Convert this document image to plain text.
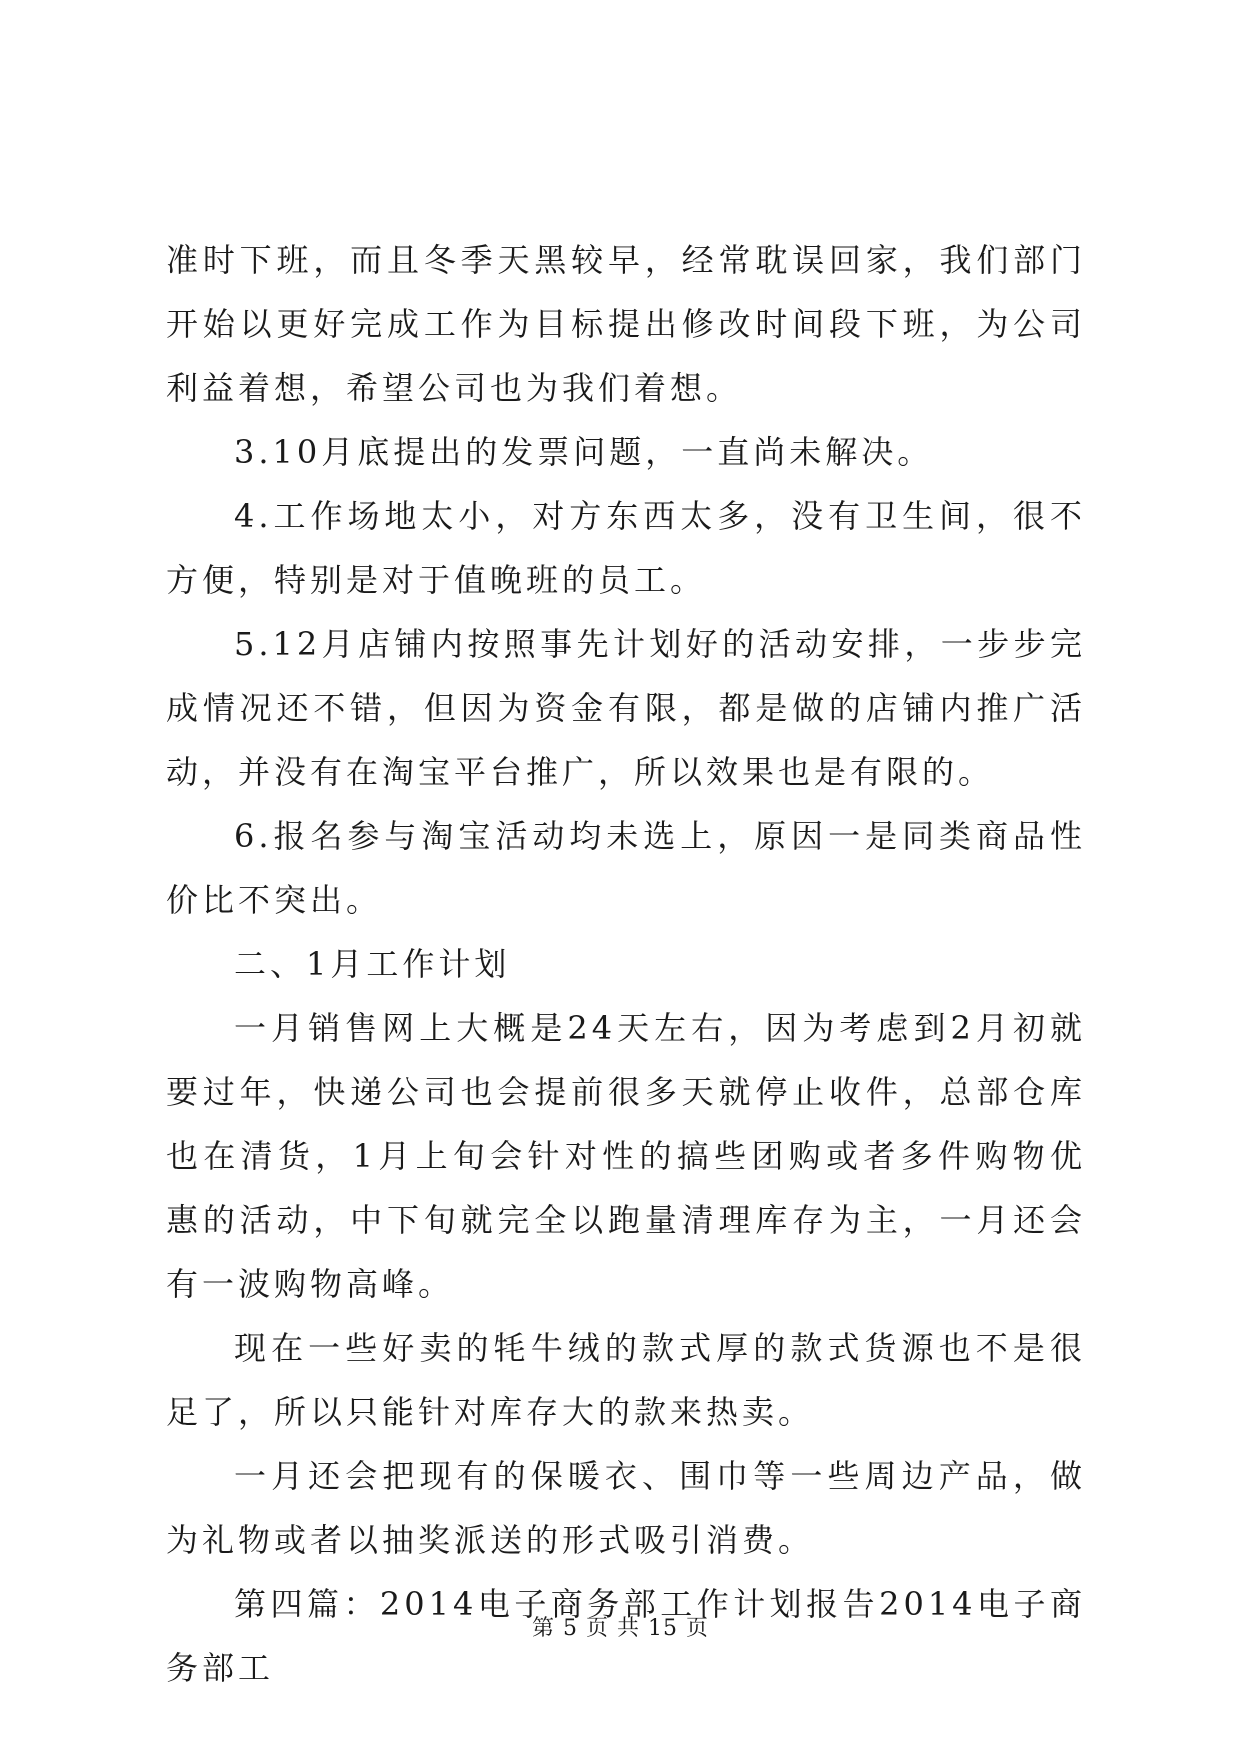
准时下班，而且冬季天黑较早，经常耽误回家，我们部门开始以更好完成工作为目标提出修改时间段下班，为公司利益着想，希望公司也为我们着想。

3.10月底提出的发票问题，一直尚未解决。

4.工作场地太小，对方东西太多，没有卫生间，很不方便，特别是对于值晚班的员工。

5.12月店铺内按照事先计划好的活动安排，一步步完成情况还不错，但因为资金有限，都是做的店铺内推广活动，并没有在淘宝平台推广，所以效果也是有限的。

6.报名参与淘宝活动均未选上，原因一是同类商品性价比不突出。

二、1月工作计划

一月销售网上大概是24天左右，因为考虑到2月初就要过年，快递公司也会提前很多天就停止收件，总部仓库也在清货，1月上旬会针对性的搞些团购或者多件购物优惠的活动，中下旬就完全以跑量清理库存为主，一月还会有一波购物高峰。

现在一些好卖的牦牛绒的款式厚的款式货源也不是很足了，所以只能针对库存大的款来热卖。

一月还会把现有的保暖衣、围巾等一些周边产品，做为礼物或者以抽奖派送的形式吸引消费。

第四篇：2014电子商务部工作计划报告2014电子商务部工

第 5 页 共 15 页
